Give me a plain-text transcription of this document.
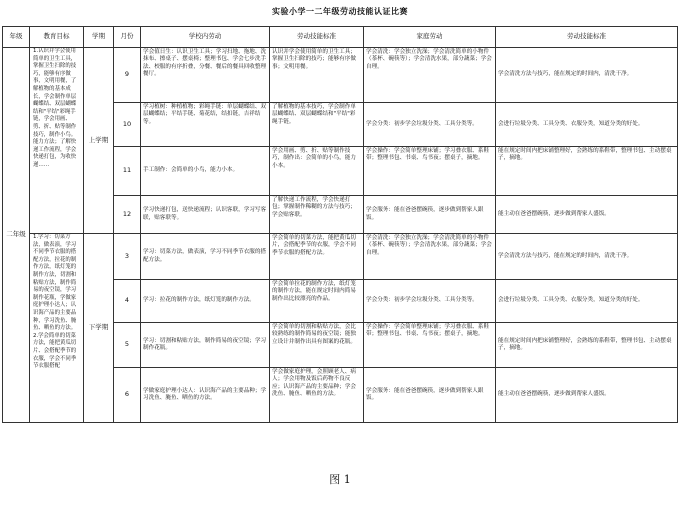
实验小学一二年级劳动技能认证比赛
年级	教育目标	学期	月份	学校内劳动	劳动技能标准	家庭劳动	劳动技能标准
二年级	1.认识并学会使用简单的卫生工具，掌握卫生扫除的技巧，能够有序做事，文明用餐，了解植物的基本成长，学会制作单层蝴蝶结、双层蝴蝶结和"平结"彩绳手链，学会用画、剪、折、贴等制作技巧，制作小鸟。能力方法；了解快递工作流程，学会快递打包，为收快递……	上学期	9	学会值日生：认识卫生工具；学习扫地、拖地、洗抹布、擦桌子、摆桌椅；整理书包、学会七步洗手法、校服的有序折叠，分餐、餐后的餐具回收整理餐厅。	认识并学会使用简单的卫生工具；掌握卫生扫除的技巧；能够有序做事；文明用餐。	学会清洗：学会独立洗澡；学会清洗简单的小物件（茶杯、碗筷等）；学会清洗水果，部分蔬菜；学会自理。	学会清洗方法与技巧，能在规定的时间内，清洗干净。
			10	学习植树：种植植物；彩绳手链：单层蝴蝶结、双层蝴蝶结；平结手链、菊花结，结扣链，吉祥结等。	了解植物的基本技巧，学会制作单层蝴蝶结、双层蝴蝶结和"平结"彩绳手链。	学会分类：初步学会垃圾分类、工具分类等。	会进行垃圾分类、工具分类、衣服分类，知道分类的好处。
			11	手工制作：会简单的小鸟，能力小本。	学会用画、剪、折、贴等制作技巧，制作出：会简单的小鸟，能力小本。	学会操作：学会简单整理床铺；学习叠衣服、系鞋带；整理书包、书桌、鸟书夜；摆桌子，摘地。	能在规定时间内把床铺整理好，会熟练的系鞋带，整理书包、主动摆桌子，摘地。
			12	学习快递打包，送快递流程；认识客联，学习写客联，贴客联等。	了解快递工作流程，学会快递打包；掌握制作稀糊的方法与技巧；学会贴客联。	学会服务：能在爸爸摆碗筷，逐步做到帮家人跟饭。	能主动在爸爸摆碗筷，逐步做到帮家人盛饭。
	1.学习：切菜方法，做表演，学习不同季节衣服的搭配方法，拉花的制作方法，纸灯笼的制作方法，切割和粘贴方法，制作简易的夜空镜，学习制作花瓶，学做家庭护理小达人；认识海产品的主要品种，学习洗鱼、腌鱼、晒鱼的方法。2.学会简单的切菜方法，能把黄瓜切片、会搭配季节的衣服，学会不同季节衣服搭配	下学期	3	学习：切菜方法，做表演，学习不同季节衣服的搭配方法。	学会简单的切菜方法，能把黄瓜切片，会搭配季节的衣服，学会不同季节衣服的搭配方法。	学会清洗：学会独立洗澡；学会清洗简单的小物件（茶杯、碗筷等）；学会清洗水果，部分蔬菜；学会自理。	学会清洗方法与技巧，能在规定的时间内，清洗干净。
			4	学习：拉花的制作方法，纸灯笼的制作方法。	学会简单拉花的制作方法，纸灯笼的制作方法，能在规定时间内简易制作出比较漂亮的作品。	学会分类：初步学会垃圾分类、工具分类等。	会进行垃圾分类、工具分类、衣服分类，知道分类的好处。
			5	学习：切割和粘贴方法，制作简易的夜空镜；学习制作花瓶。	学会简单的切割和粘贴方法，会比较熟练的制作简易的夜空镜；能独立设计并制作出具有图案的花瓶。	学会操作：学会简单整理床铺；学习叠衣服、系鞋带；整理书包、书桌、鸟书夜；摆桌子，摘地。	能在规定时间内把床铺整理好，会熟练的系鞋带，整理书包、主动摆桌子，摘地。
			6	学做家庭护理小达人：认识海产品的主要品种；学习洗鱼、腌鱼、晒鱼的方法。	学会做家庭护理，会照顾老人、病人；学会用物及饭后药物不良反应；认识海产品的主要品种；学会洗鱼、腌鱼、晒鱼的方法。	学会服务：能在爸爸摆碗筷，逐步做到帮家人跟饭。	能主动在爸爸摆碗筷，逐步做到帮家人盛饭。
图 1
